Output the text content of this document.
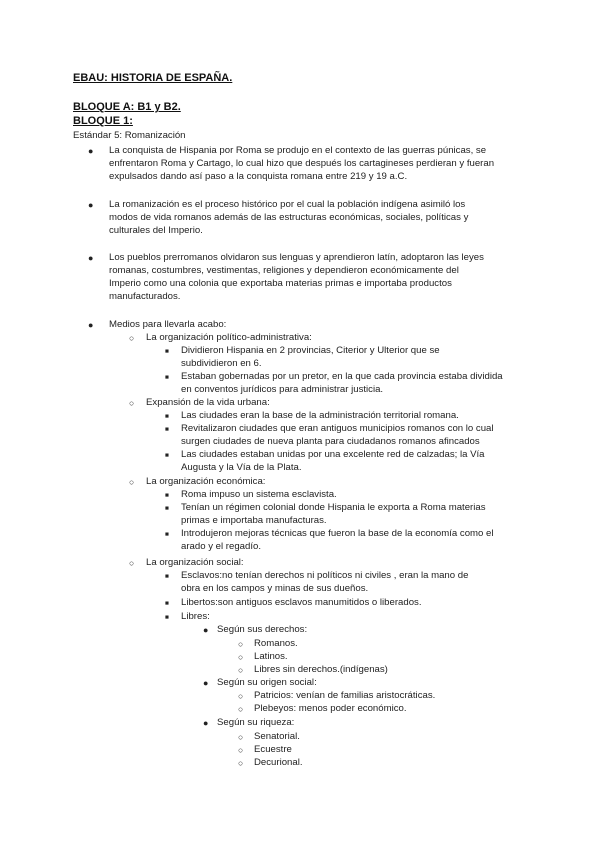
EBAU: HISTORIA DE ESPAÑA.
BLOQUE A: B1 y B2.
BLOQUE 1:
Estándar 5: Romanización
● La conquista de Hispania por Roma se produjo en el contexto de las guerras púnicas, se
enfrentaron Roma y Cartago, lo cual hizo que después los cartagineses perdieran y fueran
expulsados dando así paso a la conquista romana entre 219 y 19 a.C.
● La romanización es el proceso histórico por el cual la población indígena asimiló los
modos de vida romanos además de las estructuras económicas, sociales, políticas y
culturales del Imperio.
● Los pueblos prerromanos olvidaron sus lenguas y aprendieron latín, adoptaron las leyes
romanas, costumbres, vestimentas, religiones y dependieron económicamente del
Imperio como una colonia que exportaba materias primas e importaba productos
manufacturados.
● Medios para llevarla acabo:
○ La organización político-administrativa:
■ Dividieron Hispania en 2 provincias, Citerior y Ulterior que se
subdividieron en 6.
■ Estaban gobernadas por un pretor, en la que cada provincia estaba dividida
en conventos jurídicos para administrar justicia.
○ Expansión de la vida urbana:
■ Las ciudades eran la base de la administración territorial romana.
■ Revitalizaron ciudades que eran antiguos municipios romanos con lo cual
surgen ciudades de nueva planta para ciudadanos romanos afincados
■ Las ciudades estaban unidas por una excelente red de calzadas; la Vía
Augusta y la Vía de la Plata.
○ La organización económica:
■ Roma impuso un sistema esclavista.
■ Tenían un régimen colonial donde Hispania le exporta a Roma materias
primas e importaba manufacturas.
■ Introdujeron mejoras técnicas que fueron la base de la economía como el
arado y el regadío.
○ La organización social:
■ Esclavos:no tenían derechos ni políticos ni civiles , eran la mano de
obra en los campos y minas de sus dueños.
■ Libertos:son antiguos esclavos manumitidos o liberados.
■ Libres:
● Según sus derechos:
○ Romanos.
○ Latinos.
○ Libres sin derechos.(indígenas)
● Según su origen social:
○ Patricios: venían de familias aristocráticas.
○ Plebeyos: menos poder económico.
● Según su riqueza:
○ Senatorial.
○ Ecuestre
○ Decurional.
